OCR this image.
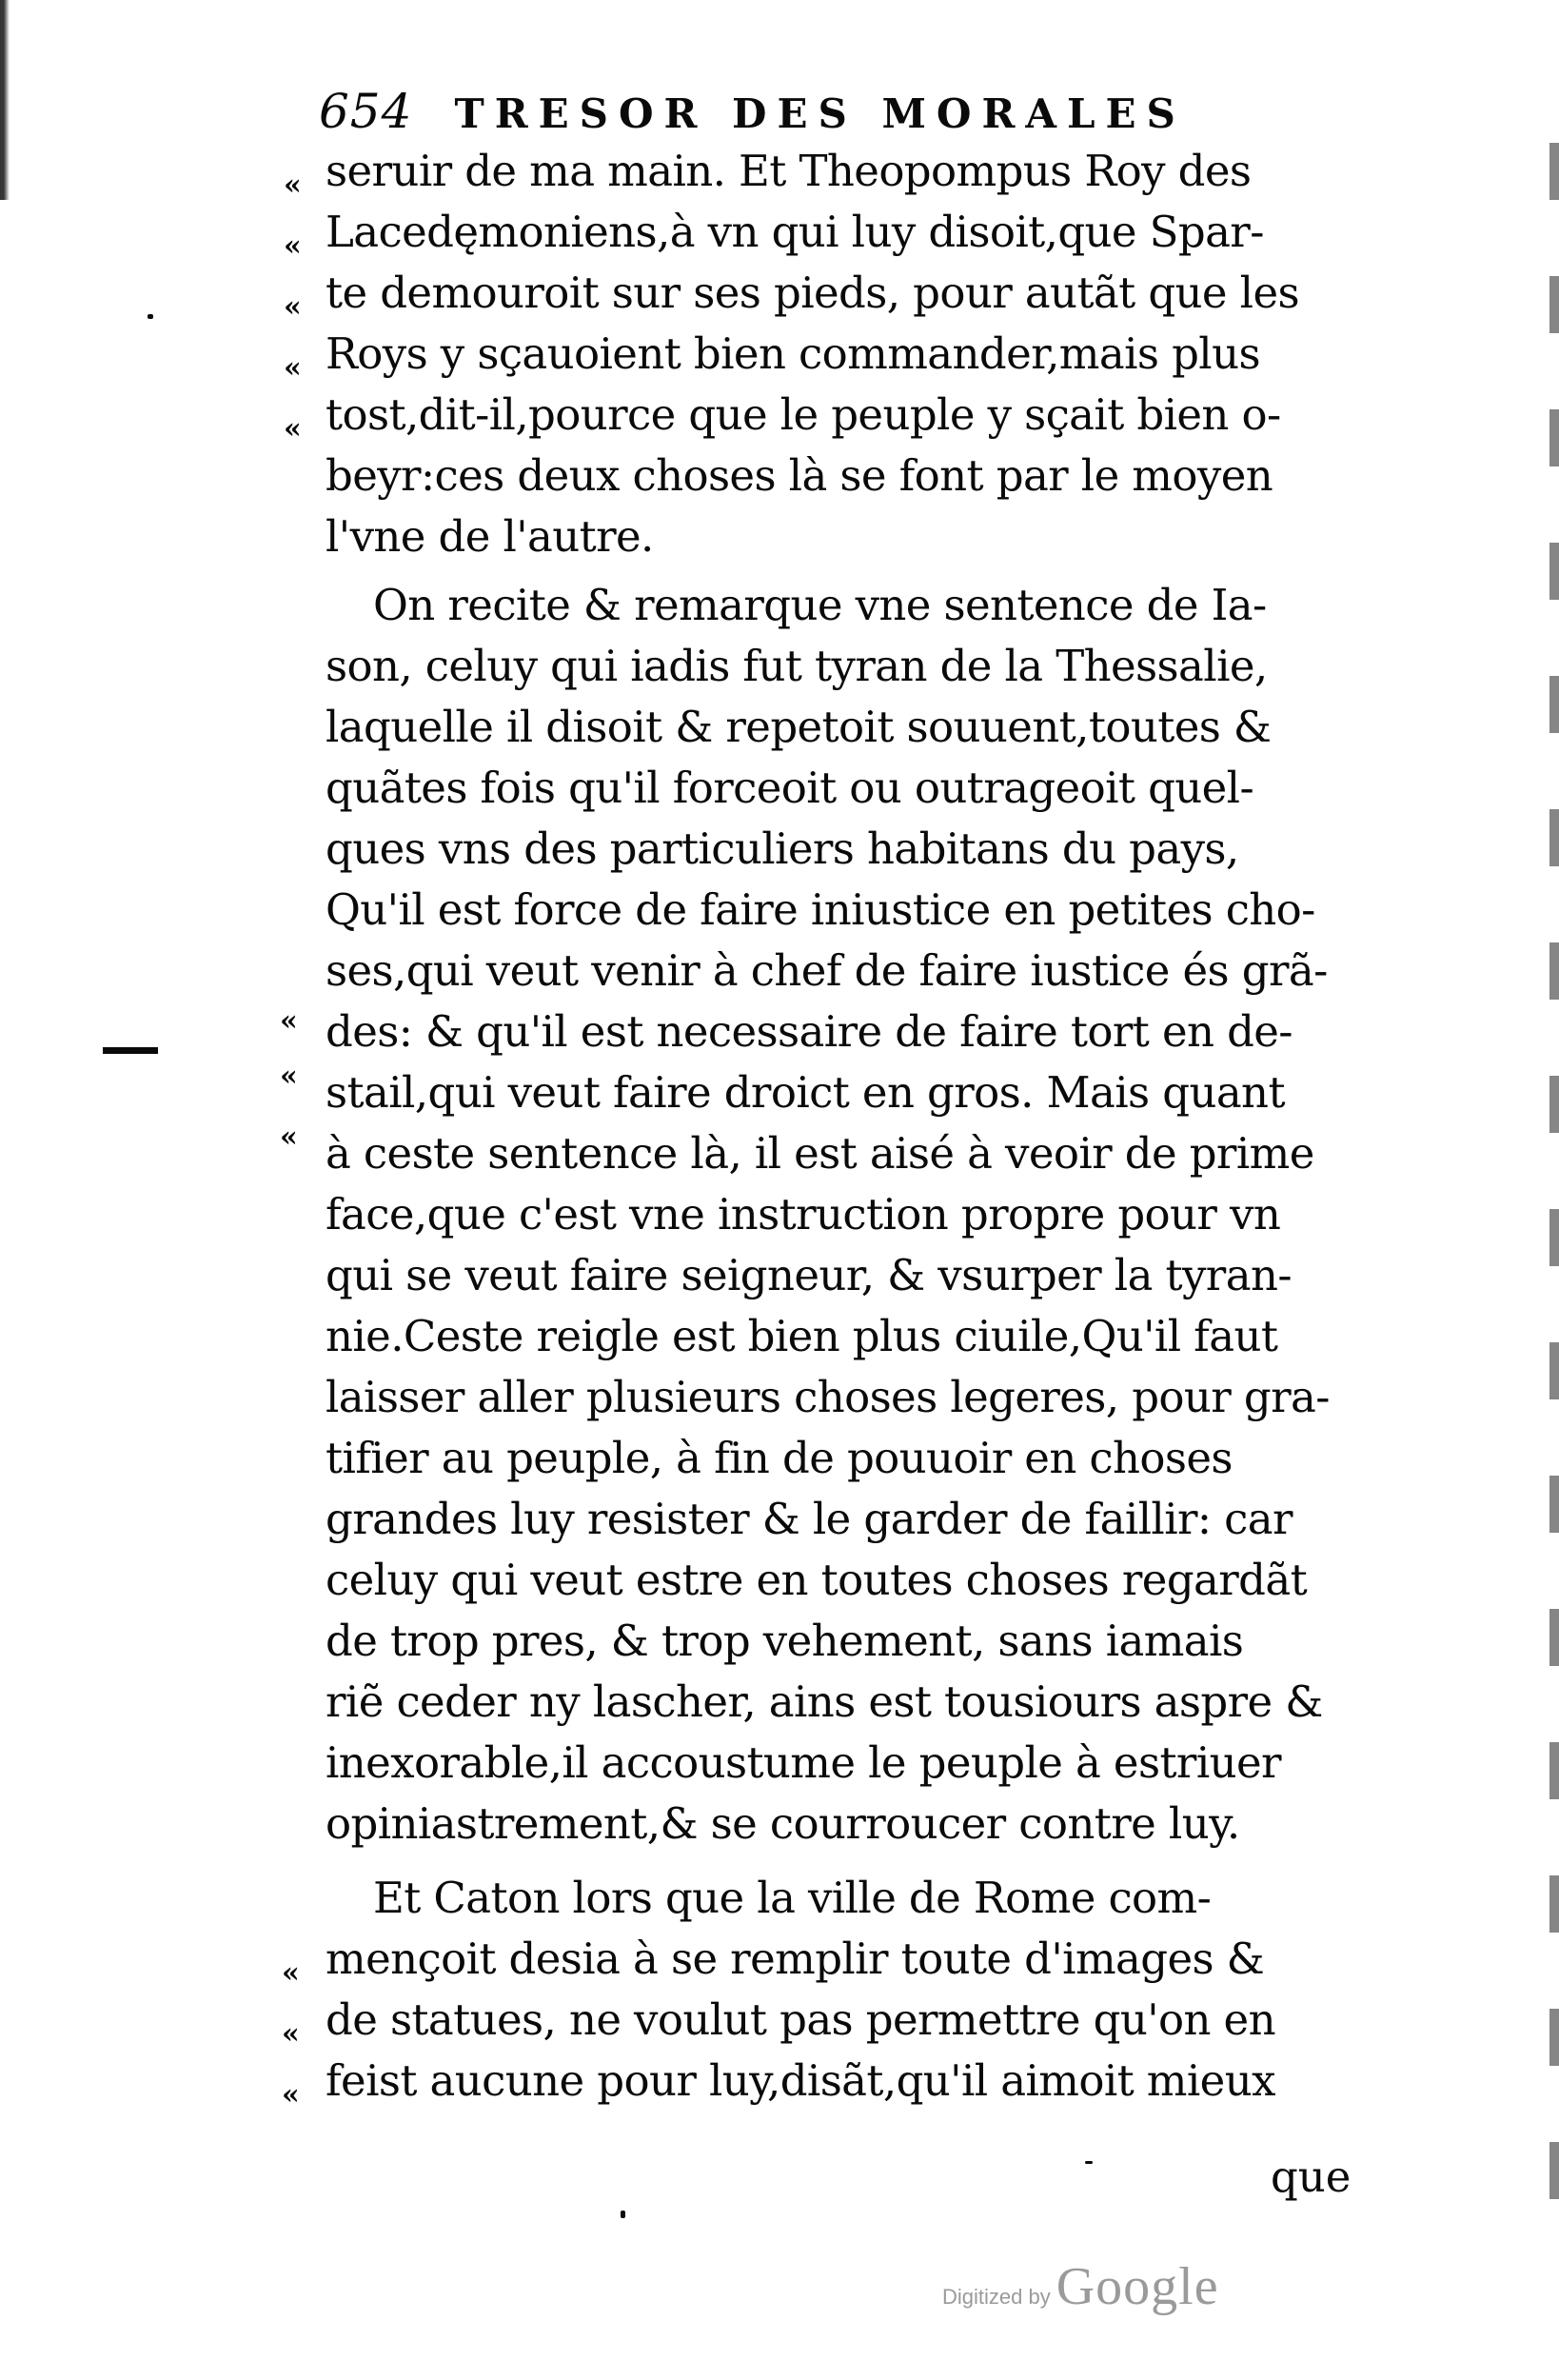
654 TRESOR DES MORALES
seruir de ma main. Et Theopompus Roy des
Lacedęmoniens,à vn qui luy disoit,que Spar-
te demouroit sur ses pieds, pour autãt que les
Roys y sçauoient bien commander,mais plus
tost,dit-il,pource que le peuple y sçait bien o-
beyr:ces deux choses là se font par le moyen
l'vne de l'autre.
On recite & remarque vne sentence de Ia-
son, celuy qui iadis fut tyran de la Thessalie,
laquelle il disoit & repetoit souuent,toutes &
quãtes fois qu'il forceoit ou outrageoit quel-
ques vns des particuliers habitans du pays,
Qu'il est force de faire iniustice en petites cho-
ses,qui veut venir à chef de faire iustice és grã-
des: & qu'il est necessaire de faire tort en de-
stail,qui veut faire droict en gros. Mais quant
à ceste sentence là, il est aisé à veoir de prime
face,que c'est vne instruction propre pour vn
qui se veut faire seigneur, & vsurper la tyran-
nie.Ceste reigle est bien plus ciuile,Qu'il faut
laisser aller plusieurs choses legeres, pour gra-
tifier au peuple, à fin de pouuoir en choses
grandes luy resister & le garder de faillir: car
celuy qui veut estre en toutes choses regardãt
de trop pres, & trop vehement, sans iamais
riẽ ceder ny lascher, ains est tousiours aspre &
inexorable,il accoustume le peuple à estriuer
opiniastrement,& se courroucer contre luy.
Et Caton lors que la ville de Rome com-
mençoit desia à se remplir toute d'images &
de statues, ne voulut pas permettre qu'on en
feist aucune pour luy,disãt,qu'il aimoit mieux
«
«
«
«
«
«
«
«
«
«
«
que
Digitized by Google
